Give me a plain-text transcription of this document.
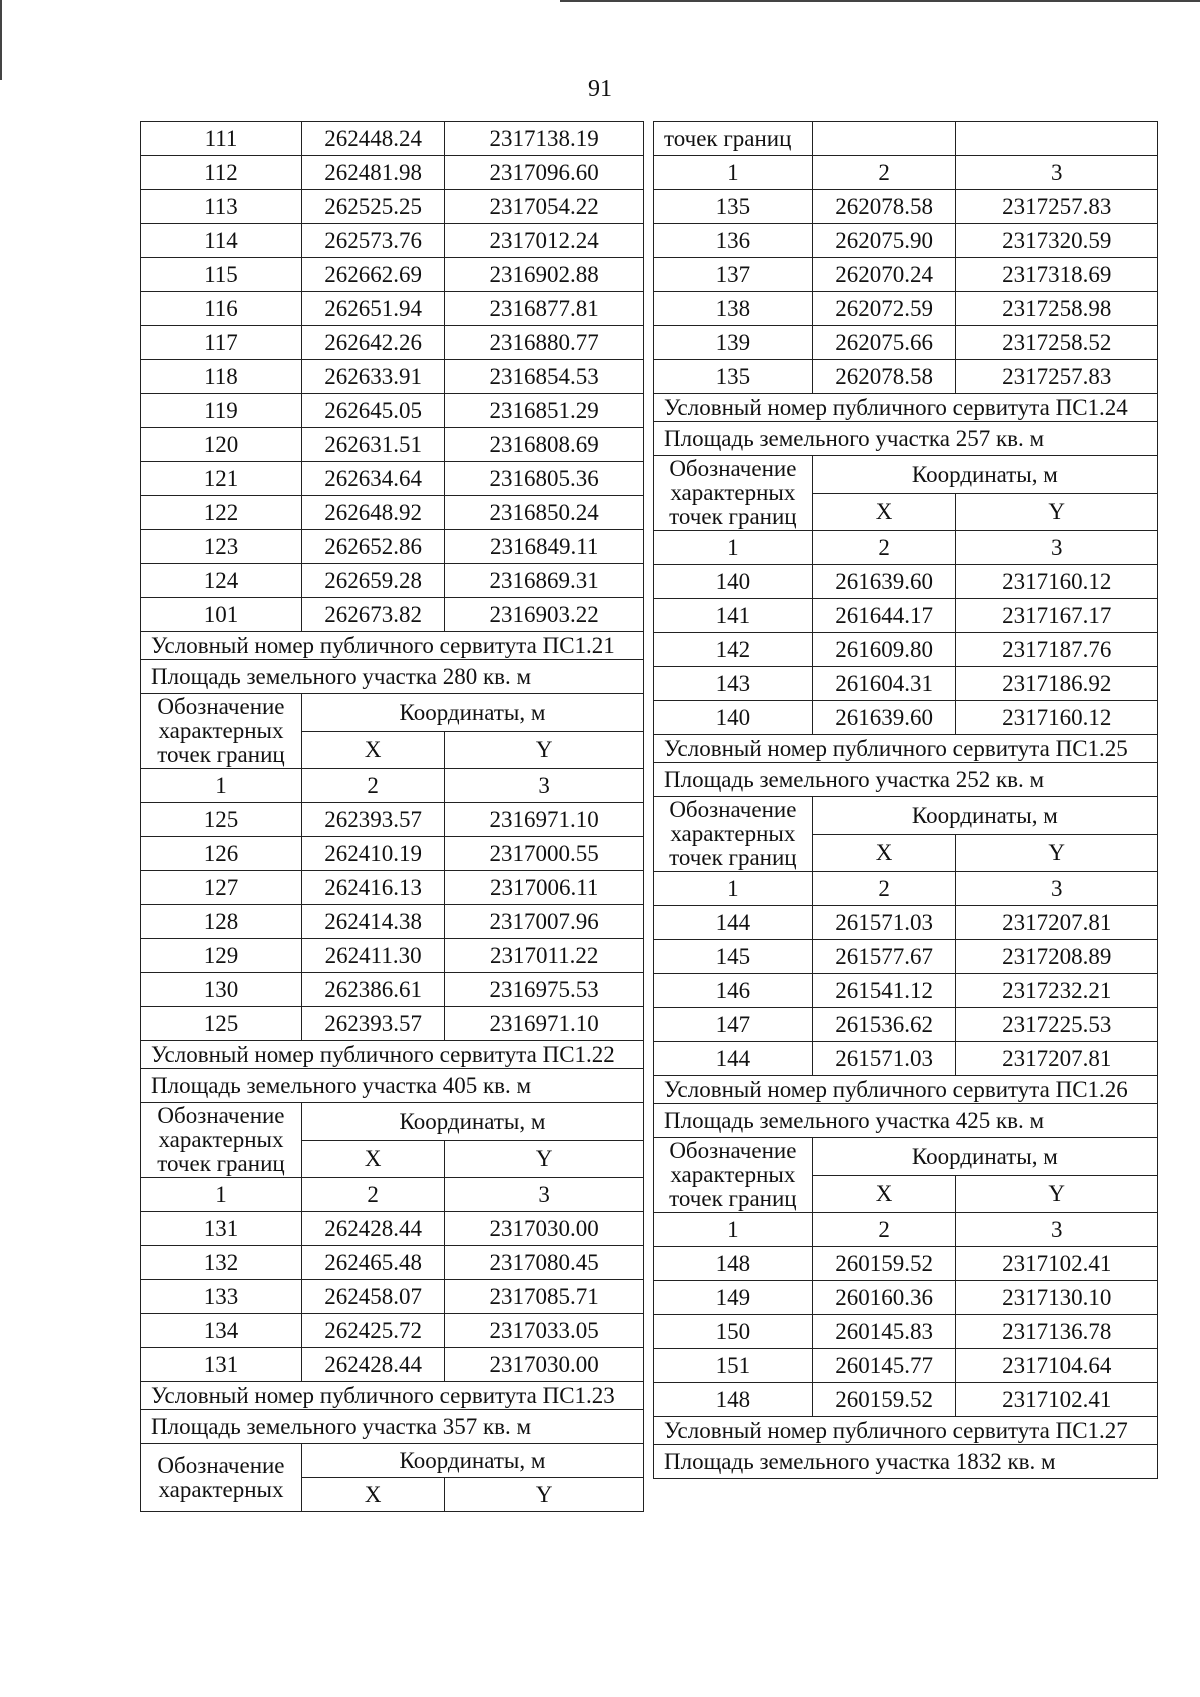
91
111	262448.24	2317138.19
112	262481.98	2317096.60
113	262525.25	2317054.22
114	262573.76	2317012.24
115	262662.69	2316902.88
116	262651.94	2316877.81
117	262642.26	2316880.77
118	262633.91	2316854.53
119	262645.05	2316851.29
120	262631.51	2316808.69
121	262634.64	2316805.36
122	262648.92	2316850.24
123	262652.86	2316849.11
124	262659.28	2316869.31
101	262673.82	2316903.22
Условный номер публичного сервитута ПС1.21		
Площадь земельного участка 280 кв. м		
Обозначение характерных точек границ	Координаты, м	
	X	Y
1	2	3
125	262393.57	2316971.10
126	262410.19	2317000.55
127	262416.13	2317006.11
128	262414.38	2317007.96
129	262411.30	2317011.22
130	262386.61	2316975.53
125	262393.57	2316971.10
Условный номер публичного сервитута ПС1.22		
Площадь земельного участка 405 кв. м		
Обозначение характерных точек границ	Координаты, м	
	X	Y
1	2	3
131	262428.44	2317030.00
132	262465.48	2317080.45
133	262458.07	2317085.71
134	262425.72	2317033.05
131	262428.44	2317030.00
Условный номер публичного сервитута ПС1.23		
Площадь земельного участка 357 кв. м		
Обозначение характерных	Координаты, м	
	X	Y
точек границ		
1	2	3
135	262078.58	2317257.83
136	262075.90	2317320.59
137	262070.24	2317318.69
138	262072.59	2317258.98
139	262075.66	2317258.52
135	262078.58	2317257.83
Условный номер публичного сервитута ПС1.24		
Площадь земельного участка 257 кв. м		
Обозначение характерных точек границ	Координаты, м	
	X	Y
1	2	3
140	261639.60	2317160.12
141	261644.17	2317167.17
142	261609.80	2317187.76
143	261604.31	2317186.92
140	261639.60	2317160.12
Условный номер публичного сервитута ПС1.25		
Площадь земельного участка 252 кв. м		
Обозначение характерных точек границ	Координаты, м	
	X	Y
1	2	3
144	261571.03	2317207.81
145	261577.67	2317208.89
146	261541.12	2317232.21
147	261536.62	2317225.53
144	261571.03	2317207.81
Условный номер публичного сервитута ПС1.26		
Площадь земельного участка 425 кв. м		
Обозначение характерных точек границ	Координаты, м	
	X	Y
1	2	3
148	260159.52	2317102.41
149	260160.36	2317130.10
150	260145.83	2317136.78
151	260145.77	2317104.64
148	260159.52	2317102.41
Условный номер публичного сервитута ПС1.27		
Площадь земельного участка 1832 кв. м		
